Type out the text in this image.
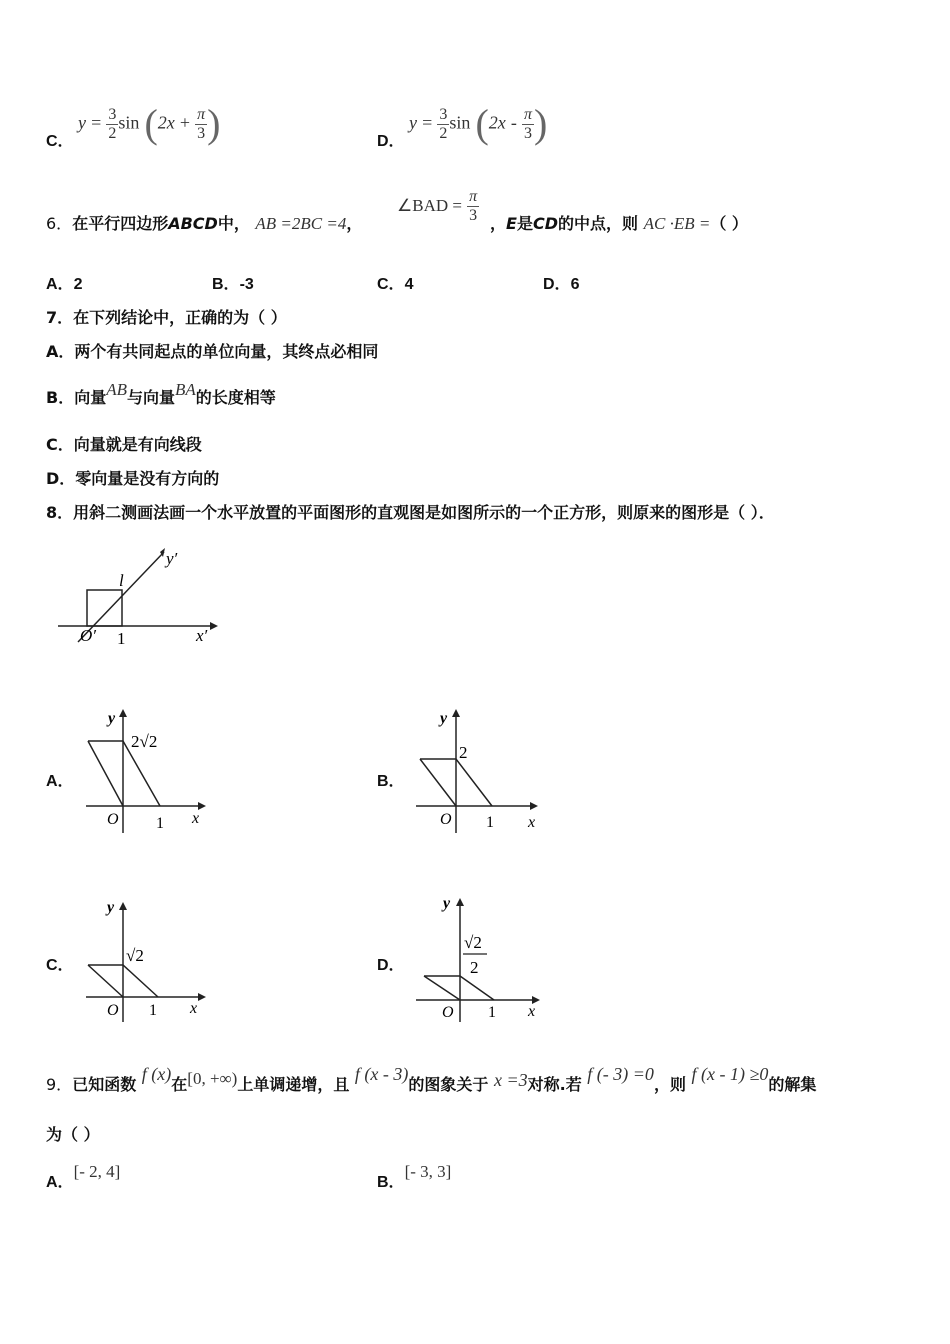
C．
$y = \frac{3}{2}$ $\sin (2x + \frac{\pi}{3}$ )	D．
$y = \frac{3}{2}$ $\sin (2x - \frac{\pi}{3}$ )
6．在平行四边形ABCD中， AB =2BC =4，
∠BAD = $\frac{\pi}{3}$ ，E是CD的中点，则 AC ·EB =（ ）
A．2	B．-3	C．4	D．6
7．在下列结论中，正确的为（ ）
A．两个有共同起点的单位向量，其终点必相同
B．向量AB与向量BA的长度相等
C．向量就是有向线段
D．零向量是没有方向的
8．用斜二测画法画一个水平放置的平面图形的直观图是如图所示的一个正方形，则原来的图形是（ ）．
y′
l
x′
O′ 1
A．
y
x
O 1
2√2
B．
y
x
O 1
2
C．
y
x
O 1
√2
D．
y
x
O 1
√2
2
9．已知函数 f (x)在[0, +∞)上单调递增，且 f (x - 3)的图象关于 x =3对称.若 f (- 3) =0，则 f (x - 1) ≥0的解集
为（ ）
A．[- 2, 4]
B．[- 3, 3]
